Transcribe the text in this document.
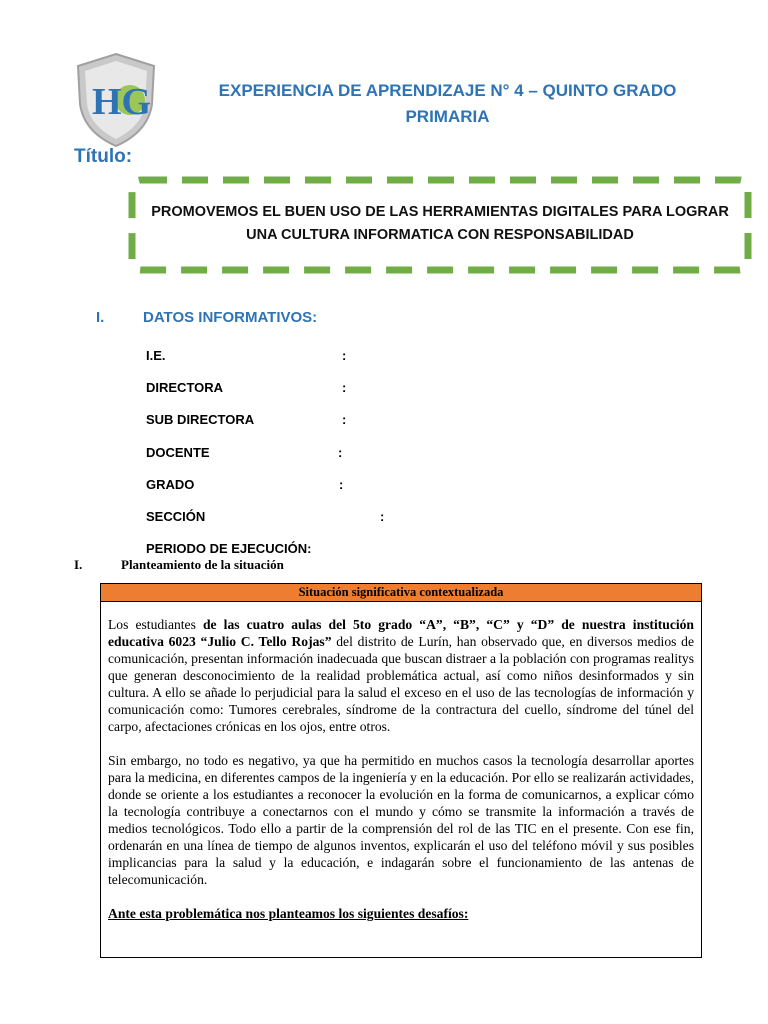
HG	EXPERIENCIA DE APRENDIZAJE N° 4 – QUINTO GRADO
PRIMARIA
Título:
PROMOVEMOS EL BUEN USO DE LAS HERRAMIENTAS DIGITALES PARA LOGRAR
UNA CULTURA INFORMATICA CON RESPONSABILIDAD
I.	DATOS INFORMATIVOS:
I.E.	:
DIRECTORA	:
SUB DIRECTORA	:
DOCENTE	:
GRADO	:
SECCIÓN	:
PERIODO DE EJECUCIÓN:
I.	Planteamiento de la situación
Situación significativa contextualizada

Los estudiantes de las cuatro aulas del 5to grado “A”, “B”, “C” y “D” de nuestra institución educativa 6023 “Julio C. Tello Rojas” del distrito de Lurín, han observado que, en diversos medios de comunicación, presentan información inadecuada que buscan distraer a la población con programas realitys que generan desconocimiento de la realidad problemática actual, así como niños desinformados y sin cultura. A ello se añade lo perjudicial para la salud el exceso en el uso de las tecnologías de información y comunicación como: Tumores cerebrales, síndrome de la contractura del cuello, síndrome del túnel del carpo, afectaciones crónicas en los ojos, entre otros.

Sin embargo, no todo es negativo, ya que ha permitido en muchos casos la tecnología desarrollar aportes para la medicina, en diferentes campos de la ingeniería y en la educación. Por ello se realizarán actividades, donde se oriente a los estudiantes a reconocer la evolución en la forma de comunicarnos, a explicar cómo la tecnología contribuye a conectarnos con el mundo y cómo se transmite la información a través de medios tecnológicos. Todo ello a partir de la comprensión del rol de las TIC en el presente. Con ese fin, ordenarán en una línea de tiempo de algunos inventos, explicarán el uso del teléfono móvil y sus posibles implicancias para la salud y la educación, e indagarán sobre el funcionamiento de las antenas de telecomunicación.

Ante esta problemática nos planteamos los siguientes desafíos:
